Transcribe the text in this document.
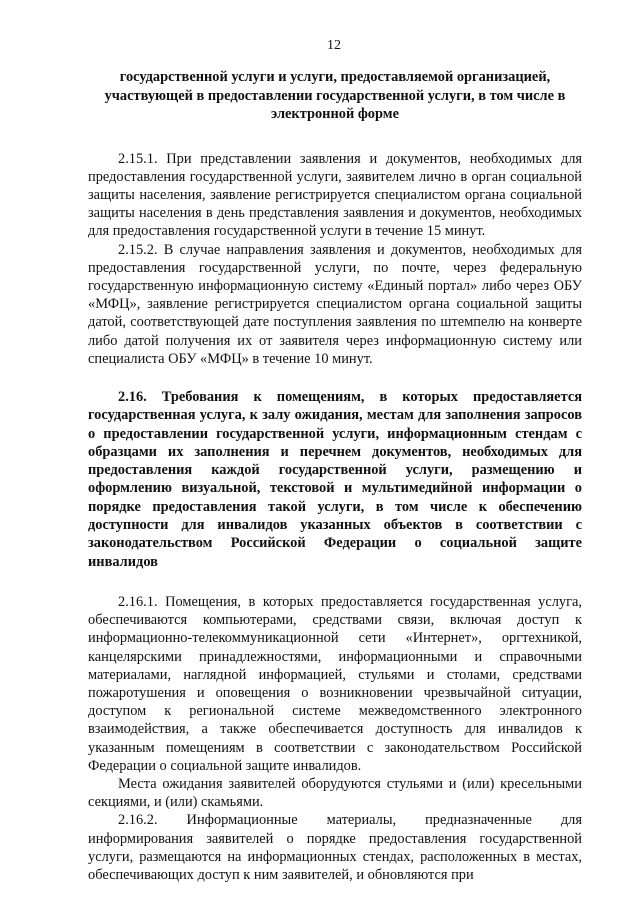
12

государственной услуги и услуги, предоставляемой организацией, участвующей в предоставлении государственной услуги, в том числе в электронной форме

2.15.1. При представлении заявления и документов, необходимых для предоставления государственной услуги, заявителем лично в орган социальной защиты населения, заявление регистрируется специалистом органа социальной защиты населения в день представления заявления и документов, необходимых для предоставления государственной услуги в течение 15 минут.

2.15.2. В случае направления заявления и документов, необходимых для предоставления государственной услуги, по почте, через федеральную государственную информационную систему «Единый портал» либо через ОБУ «МФЦ», заявление регистрируется специалистом органа социальной защиты датой, соответствующей дате поступления заявления по штемпелю на конверте либо датой получения их от заявителя через информационную систему или специалиста ОБУ «МФЦ» в течение 10 минут.

2.16. Требования к помещениям, в которых предоставляется государственная услуга, к залу ожидания, местам для заполнения запросов о предоставлении государственной услуги, информационным стендам с образцами их заполнения и перечнем документов, необходимых для предоставления каждой государственной услуги, размещению и оформлению визуальной, текстовой и мультимедийной информации о порядке предоставления такой услуги, в том числе к обеспечению доступности для инвалидов указанных объектов в соответствии с законодательством Российской Федерации о социальной защите инвалидов

2.16.1. Помещения, в которых предоставляется государственная услуга, обеспечиваются компьютерами, средствами связи, включая доступ к информационно-телекоммуникационной сети «Интернет», оргтехникой, канцелярскими принадлежностями, информационными и справочными материалами, наглядной информацией, стульями и столами, средствами пожаротушения и оповещения о возникновении чрезвычайной ситуации, доступом к региональной системе межведомственного электронного взаимодействия, а также обеспечивается доступность для инвалидов к указанным помещениям в соответствии с законодательством Российской Федерации о социальной защите инвалидов.

Места ожидания заявителей оборудуются стульями и (или) кресельными секциями, и (или) скамьями.

2.16.2. Информационные материалы, предназначенные для информирования заявителей о порядке предоставления государственной услуги, размещаются на информационных стендах, расположенных в местах, обеспечивающих доступ к ним заявителей, и обновляются при
